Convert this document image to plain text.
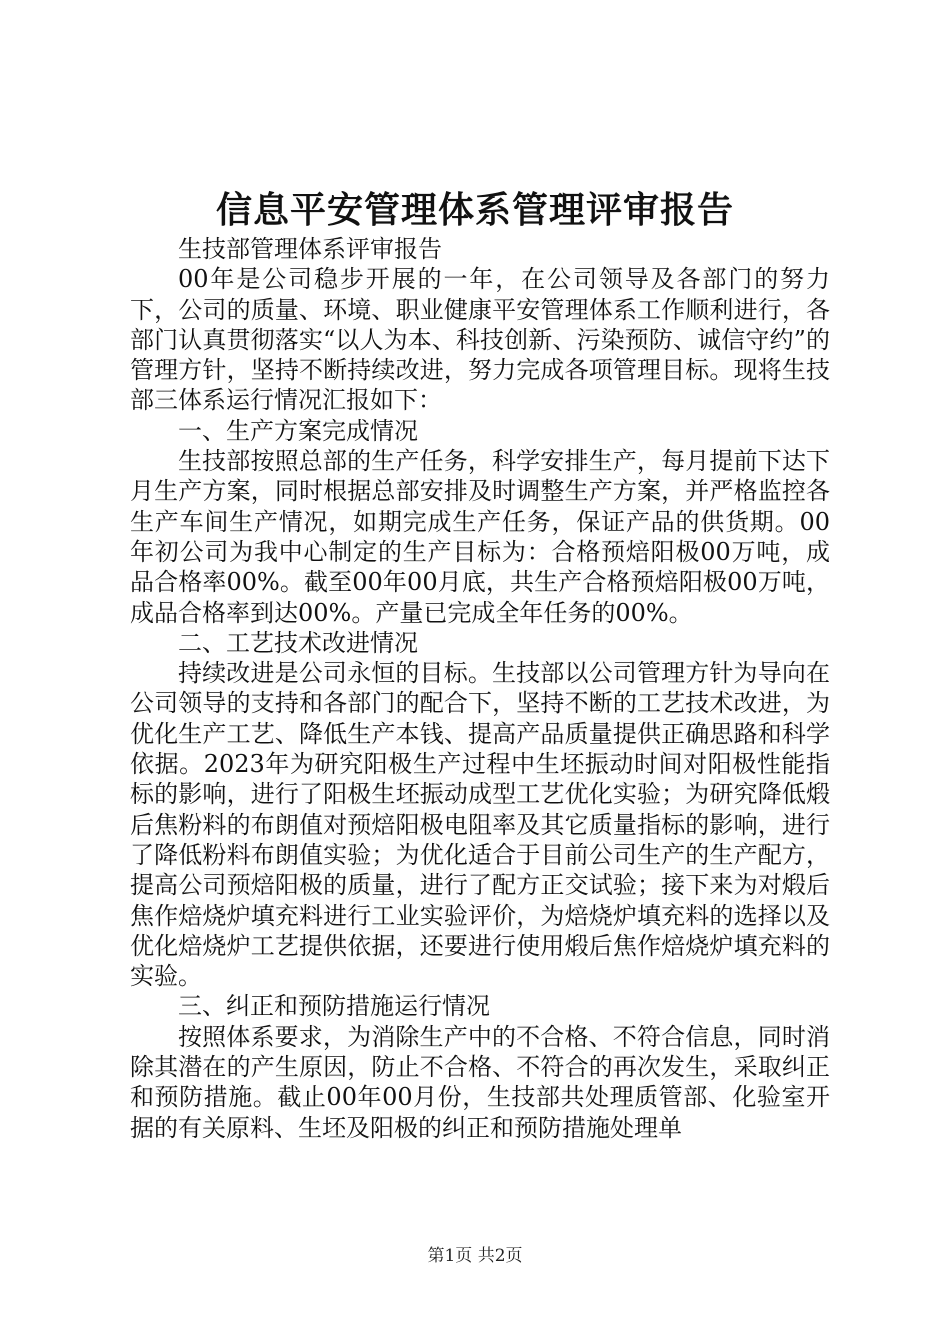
信息平安管理体系管理评审报告

生技部管理体系评审报告

00年是公司稳步开展的一年，在公司领导及各部门的努力下，公司的质量、环境、职业健康平安管理体系工作顺利进行，各部门认真贯彻落实“以人为本、科技创新、污染预防、诚信守约”的管理方针，坚持不断持续改进，努力完成各项管理目标。现将生技部三体系运行情况汇报如下：

一、生产方案完成情况

生技部按照总部的生产任务，科学安排生产，每月提前下达下月生产方案，同时根据总部安排及时调整生产方案，并严格监控各生产车间生产情况，如期完成生产任务，保证产品的供货期。00年初公司为我中心制定的生产目标为：合格预焙阳极00万吨，成品合格率00%。截至00年00月底，共生产合格预焙阳极00万吨，成品合格率到达00%。产量已完成全年任务的00%。

二、工艺技术改进情况

持续改进是公司永恒的目标。生技部以公司管理方针为导向在公司领导的支持和各部门的配合下，坚持不断的工艺技术改进，为优化生产工艺、降低生产本钱、提高产品质量提供正确思路和科学依据。2023年为研究阳极生产过程中生坯振动时间对阳极性能指标的影响，进行了阳极生坯振动成型工艺优化实验；为研究降低煅后焦粉料的布朗值对预焙阳极电阻率及其它质量指标的影响，进行了降低粉料布朗值实验；为优化适合于目前公司生产的生产配方，提高公司预焙阳极的质量，进行了配方正交试验；接下来为对煅后焦作焙烧炉填充料进行工业实验评价，为焙烧炉填充料的选择以及优化焙烧炉工艺提供依据，还要进行使用煅后焦作焙烧炉填充料的实验。

三、纠正和预防措施运行情况

按照体系要求，为消除生产中的不合格、不符合信息，同时消除其潜在的产生原因，防止不合格、不符合的再次发生，采取纠正和预防措施。截止00年00月份，生技部共处理质管部、化验室开据的有关原料、生坯及阳极的纠正和预防措施处理单

第1页 共2页
